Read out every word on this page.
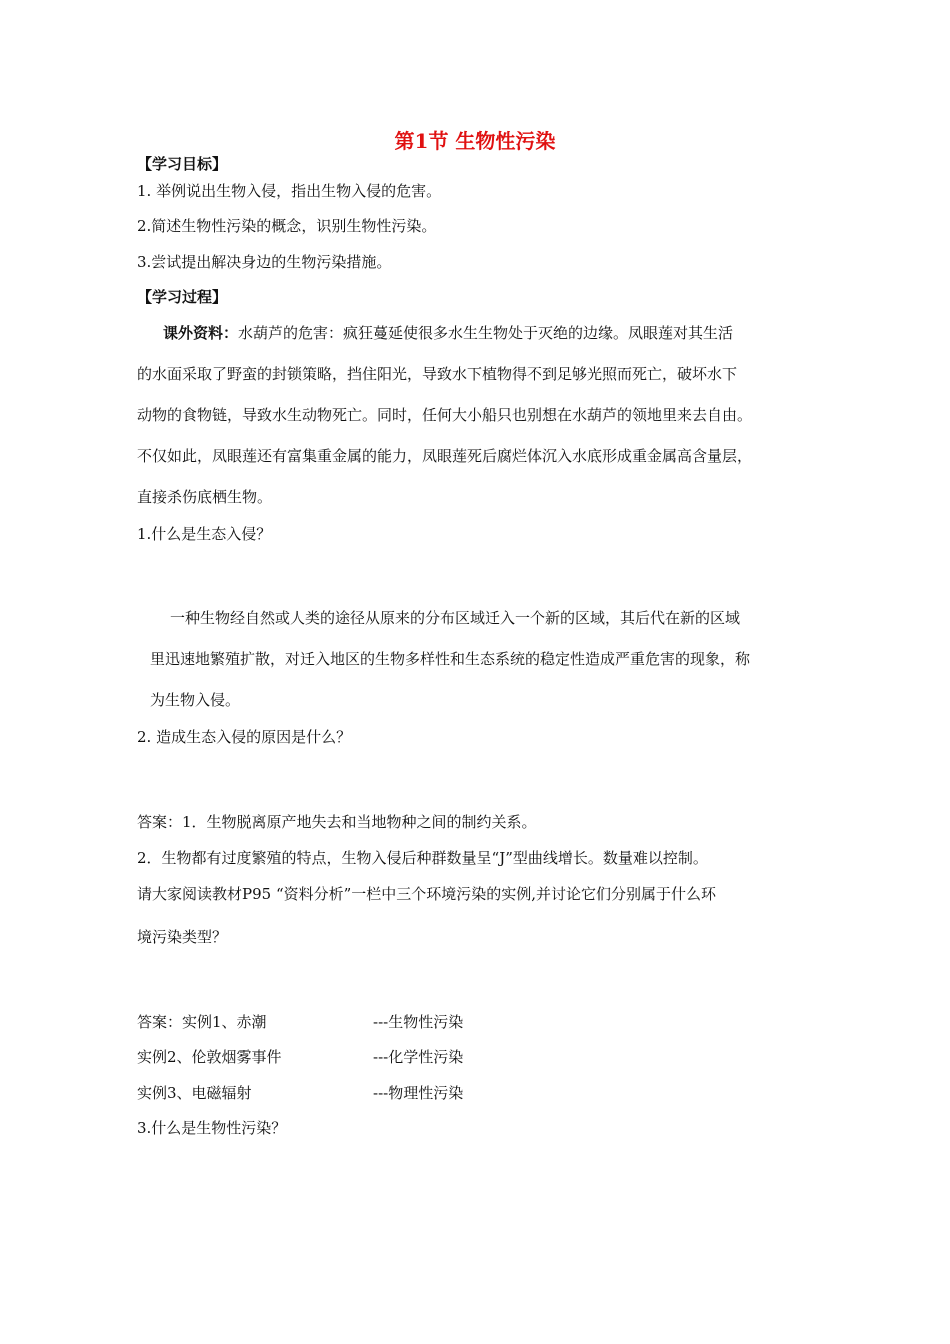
第1节 生物性污染
【学习目标】
1. 举例说出生物入侵，指出生物入侵的危害。
2.简述生物性污染的概念，识别生物性污染。
3.尝试提出解决身边的生物污染措施。
【学习过程】
课外资料：水葫芦的危害：疯狂蔓延使很多水生生物处于灭绝的边缘。凤眼莲对其生活
的水面采取了野蛮的封锁策略，挡住阳光，导致水下植物得不到足够光照而死亡，破坏水下
动物的食物链，导致水生动物死亡。同时，任何大小船只也别想在水葫芦的领地里来去自由。
不仅如此，凤眼莲还有富集重金属的能力，凤眼莲死后腐烂体沉入水底形成重金属高含量层，
直接杀伤底栖生物。
1.什么是生态入侵？
一种生物经自然或人类的途径从原来的分布区域迁入一个新的区域，其后代在新的区域
里迅速地繁殖扩散，对迁入地区的生物多样性和生态系统的稳定性造成严重危害的现象，称
为生物入侵。
2. 造成生态入侵的原因是什么？
答案：1．生物脱离原产地失去和当地物种之间的制约关系。
2．生物都有过度繁殖的特点，生物入侵后种群数量呈“J”型曲线增长。数量难以控制。
请大家阅读教材P95 “资料分析”一栏中三个环境污染的实例,并讨论它们分别属于什么环
境污染类型？
答案：实例1、赤潮	---生物性污染
实例2、伦敦烟雾事件	---化学性污染
实例3、电磁辐射	---物理性污染
3.什么是生物性污染？
